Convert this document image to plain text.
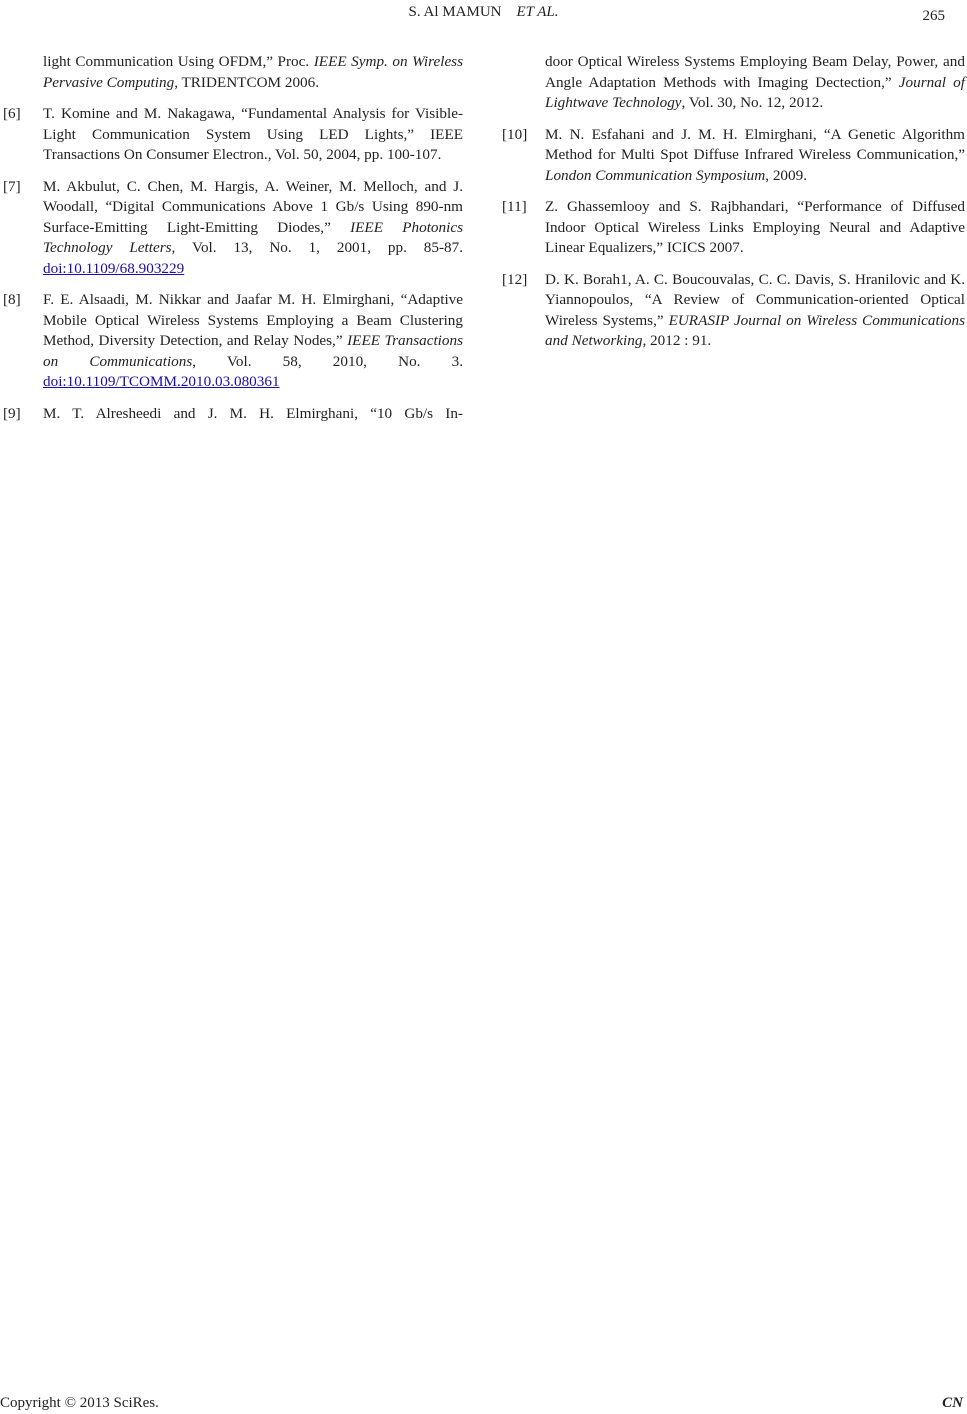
S. Al MAMUN ET AL.	265

light Communication Using OFDM,” Proc. IEEE Symp. on Wireless Pervasive Computing, TRIDENTCOM 2006.

[6] T. Komine and M. Nakagawa, “Fundamental Analysis for Visible-Light Communication System Using LED Lights,” IEEE Transactions On Consumer Electron., Vol. 50, 2004, pp. 100-107.
[7] M. Akbulut, C. Chen, M. Hargis, A. Weiner, M. Melloch, and J. Woodall, “Digital Communications Above 1 Gb/s Using 890-nm Surface-Emitting Light-Emitting Diodes,” IEEE Photonics Technology Letters, Vol. 13, No. 1, 2001, pp. 85-87. doi:10.1109/68.903229
[8] F. E. Alsaadi, M. Nikkar and Jaafar M. H. Elmirghani, “Adaptive Mobile Optical Wireless Systems Employing a Beam Clustering Method, Diversity Detection, and Relay Nodes,” IEEE Transactions on Communications, Vol. 58, 2010, No. 3. doi:10.1109/TCOMM.2010.03.080361
[9] M. T. Alresheedi and J. M. H. Elmirghani, “10 Gb/s In-

door Optical Wireless Systems Employing Beam Delay, Power, and Angle Adaptation Methods with Imaging Dectection,” Journal of Lightwave Technology, Vol. 30, No. 12, 2012.

[10] M. N. Esfahani and J. M. H. Elmirghani, “A Genetic Algorithm Method for Multi Spot Diffuse Infrared Wireless Communication,” London Communication Symposium, 2009.
[11] Z. Ghassemlooy and S. Rajbhandari, “Performance of Diffused Indoor Optical Wireless Links Employing Neural and Adaptive Linear Equalizers,” ICICS 2007.
[12] D. K. Borah1, A. C. Boucouvalas, C. C. Davis, S. Hranilovic and K. Yiannopoulos, “A Review of Communication-oriented Optical Wireless Systems,” EURASIP Journal on Wireless Communications and Networking, 2012 : 91.
Copyright © 2013 SciRes.	CN
